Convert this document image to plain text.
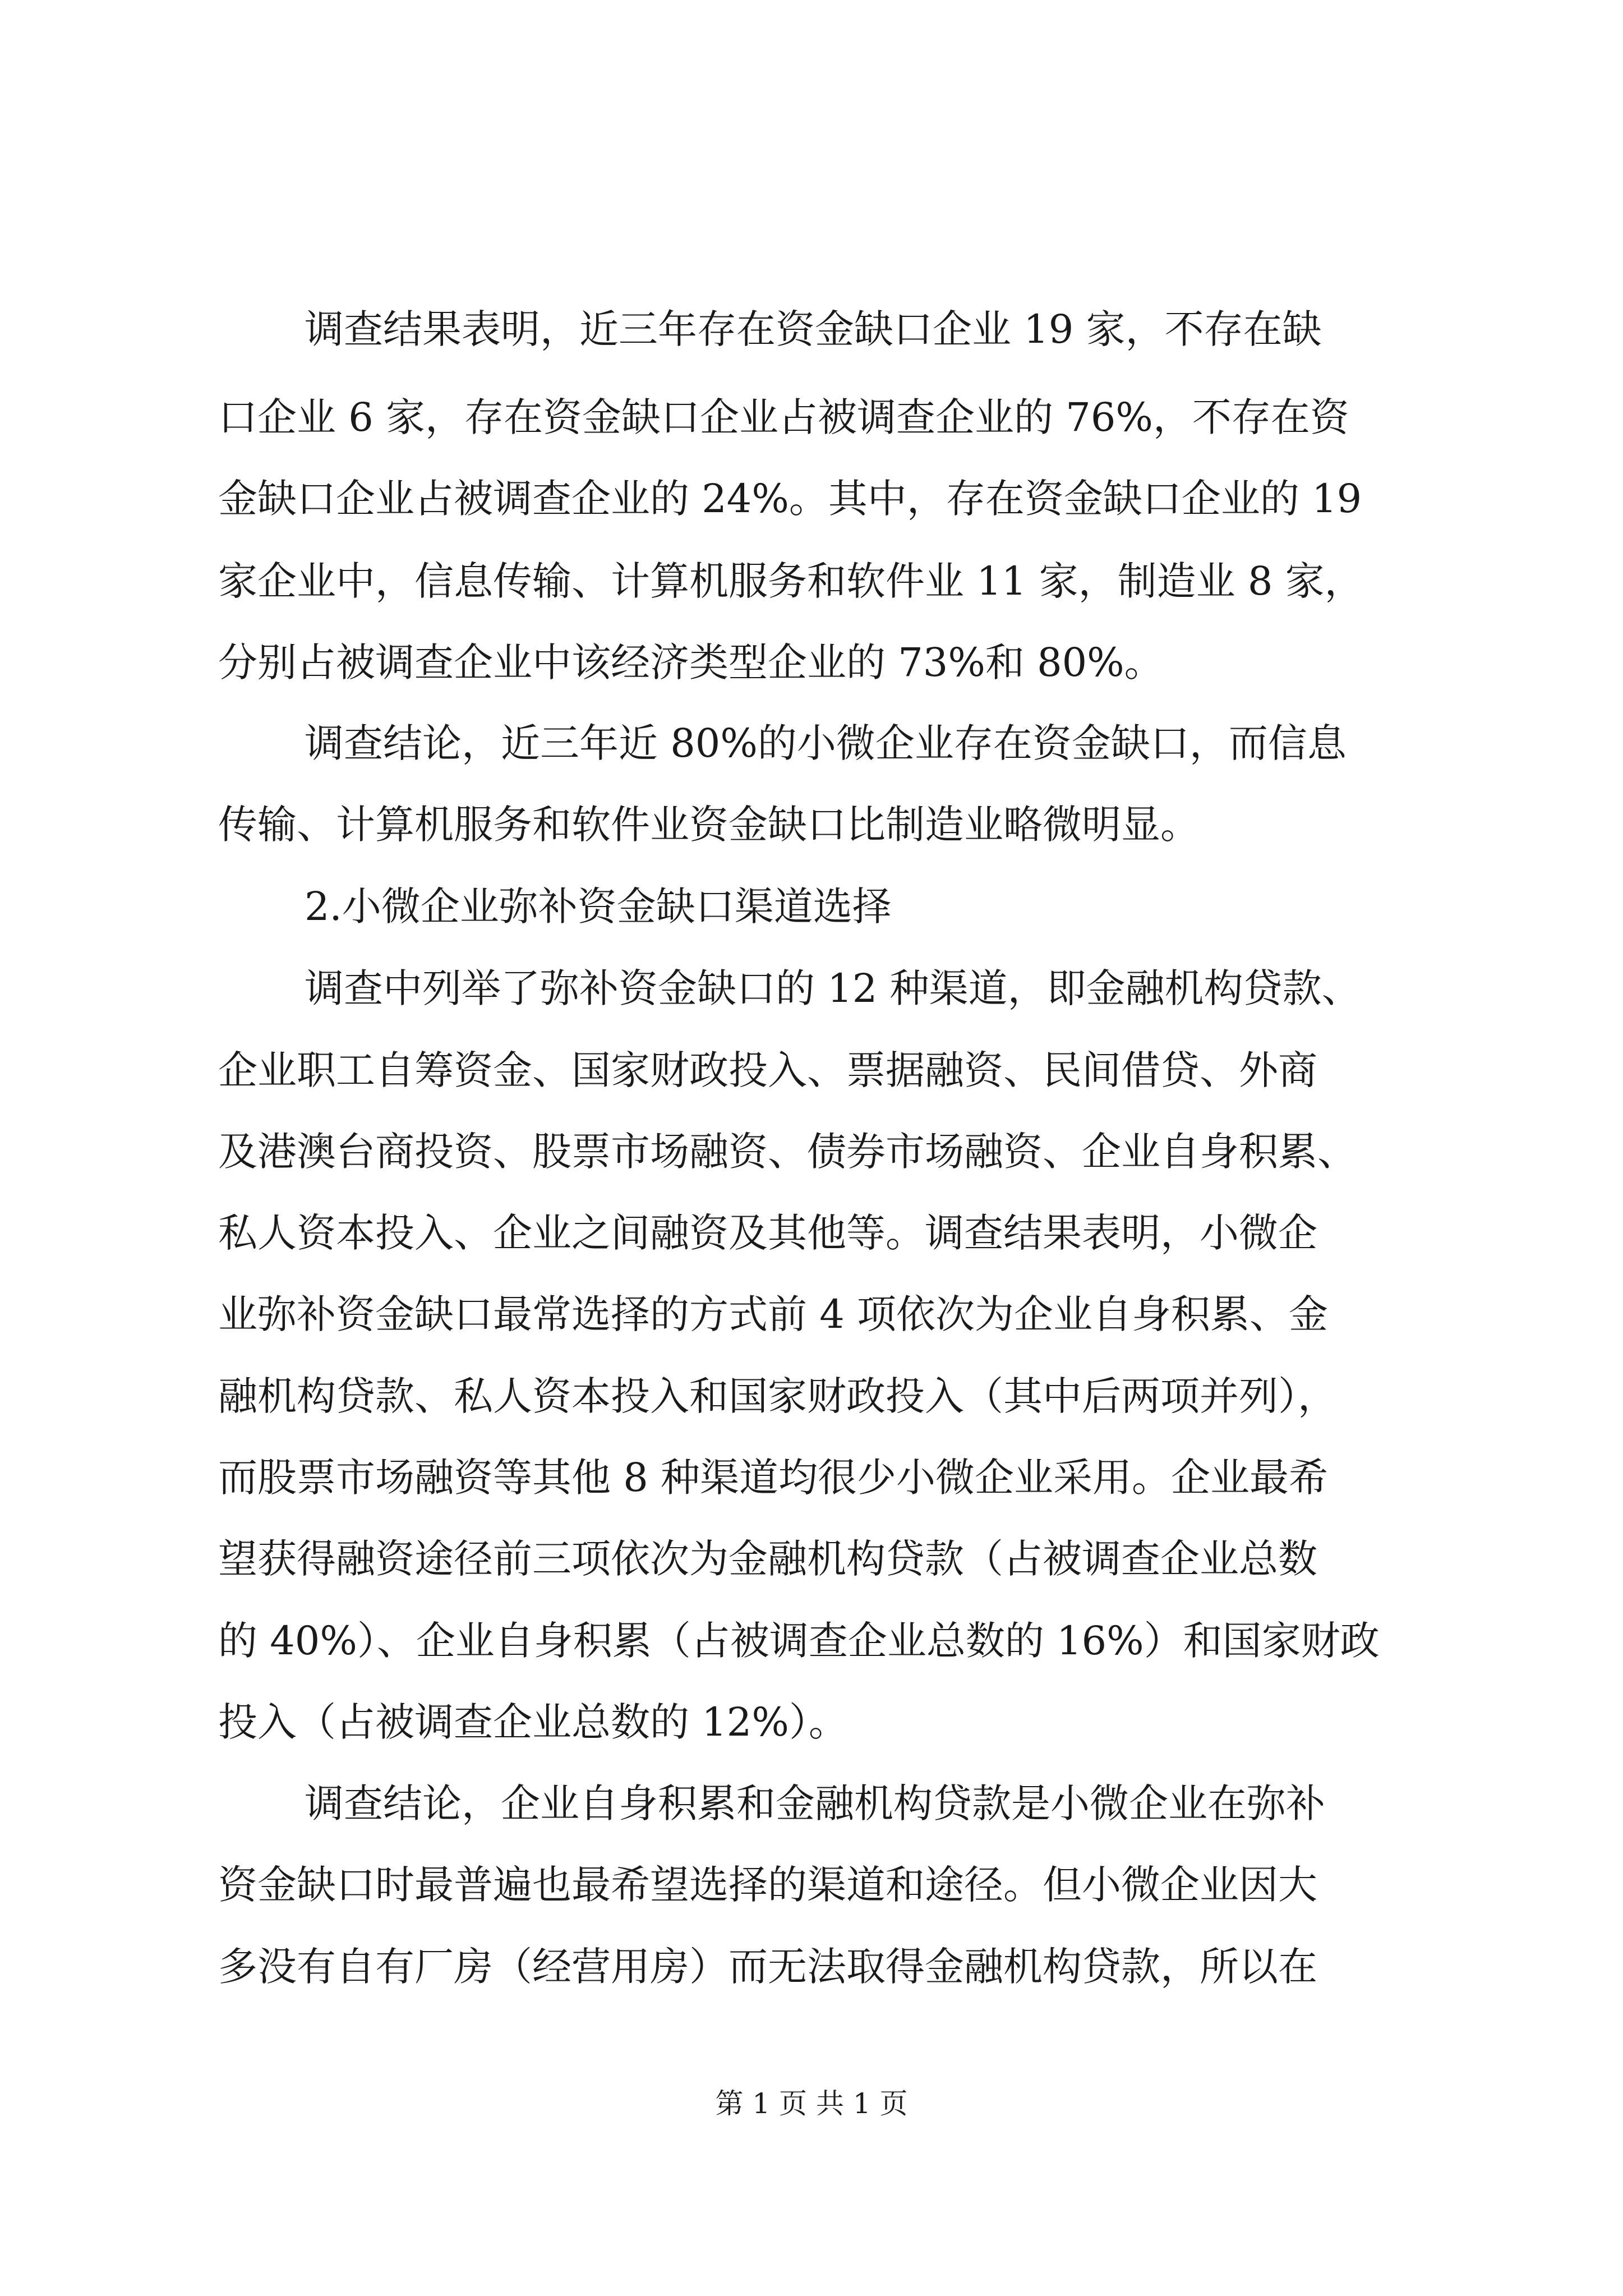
调查结果表明，近三年存在资金缺口企业 19 家，不存在缺

口企业 6 家，存在资金缺口企业占被调查企业的 76%，不存在资

金缺口企业占被调查企业的 24%。其中，存在资金缺口企业的 19

家企业中，信息传输、计算机服务和软件业 11 家，制造业 8 家，

分别占被调查企业中该经济类型企业的 73%和 80%。

调查结论，近三年近 80%的小微企业存在资金缺口，而信息

传输、计算机服务和软件业资金缺口比制造业略微明显。

2.小微企业弥补资金缺口渠道选择

调查中列举了弥补资金缺口的 12 种渠道，即金融机构贷款、

企业职工自筹资金、国家财政投入、票据融资、民间借贷、外商

及港澳台商投资、股票市场融资、债券市场融资、企业自身积累、

私人资本投入、企业之间融资及其他等。调查结果表明，小微企

业弥补资金缺口最常选择的方式前 4 项依次为企业自身积累、金

融机构贷款、私人资本投入和国家财政投入（其中后两项并列），

而股票市场融资等其他 8 种渠道均很少小微企业采用。企业最希

望获得融资途径前三项依次为金融机构贷款（占被调查企业总数

的 40%）、企业自身积累（占被调查企业总数的 16%）和国家财政

投入（占被调查企业总数的 12%）。

调查结论，企业自身积累和金融机构贷款是小微企业在弥补

资金缺口时最普遍也最希望选择的渠道和途径。但小微企业因大

多没有自有厂房（经营用房）而无法取得金融机构贷款，所以在

第 1 页 共 1 页
